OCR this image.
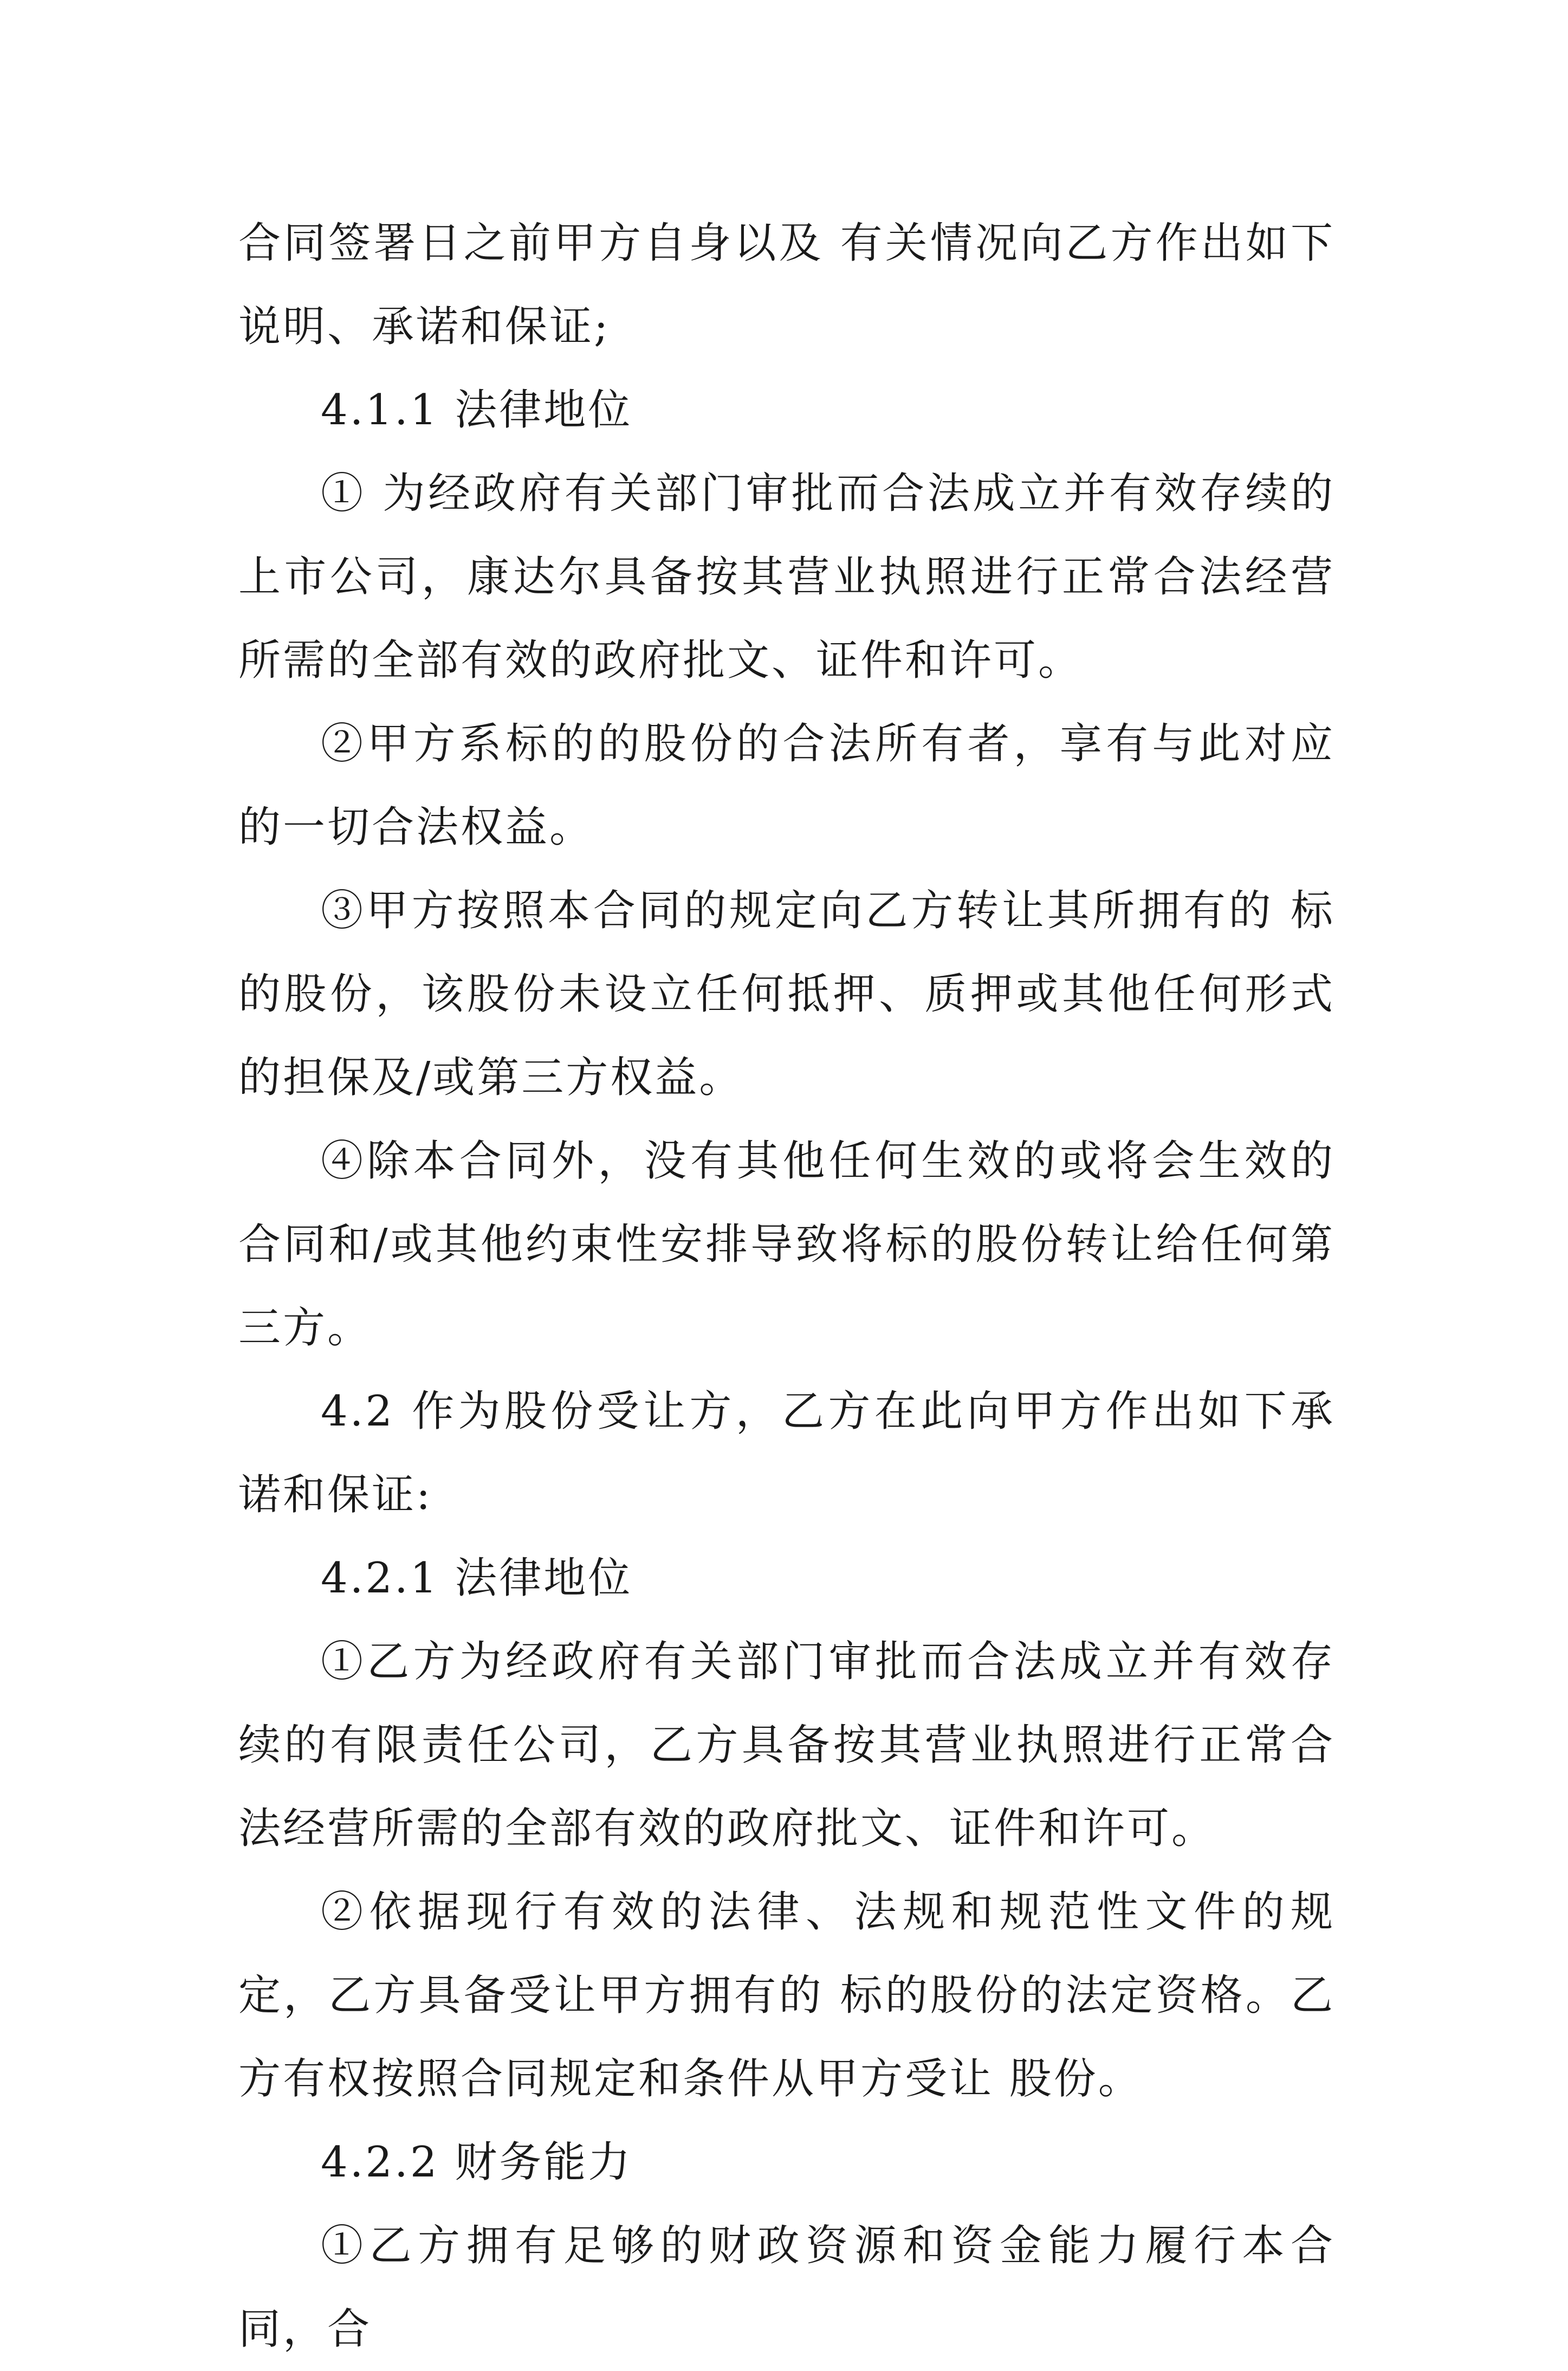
合同签署日之前甲方自身以及 有关情况向乙方作出如下说明、承诺和保证;

4.1.1 法律地位

① 为经政府有关部门审批而合法成立并有效存续的上市公司，康达尔具备按其营业执照进行正常合法经营所需的全部有效的政府批文、证件和许可。

②甲方系标的的股份的合法所有者，享有与此对应的一切合法权益。

③甲方按照本合同的规定向乙方转让其所拥有的 标的股份，该股份未设立任何抵押、质押或其他任何形式的担保及/或第三方权益。

④除本合同外，没有其他任何生效的或将会生效的合同和/或其他约束性安排导致将标的股份转让给任何第三方。

4.2 作为股份受让方，乙方在此向甲方作出如下承诺和保证:

4.2.1 法律地位

①乙方为经政府有关部门审批而合法成立并有效存续的有限责任公司，乙方具备按其营业执照进行正常合法经营所需的全部有效的政府批文、证件和许可。

②依据现行有效的法律、法规和规范性文件的规定，乙方具备受让甲方拥有的 标的股份的法定资格。乙方有权按照合同规定和条件从甲方受让 股份。

4.2.2 财务能力

①乙方拥有足够的财政资源和资金能力履行本合同，合
